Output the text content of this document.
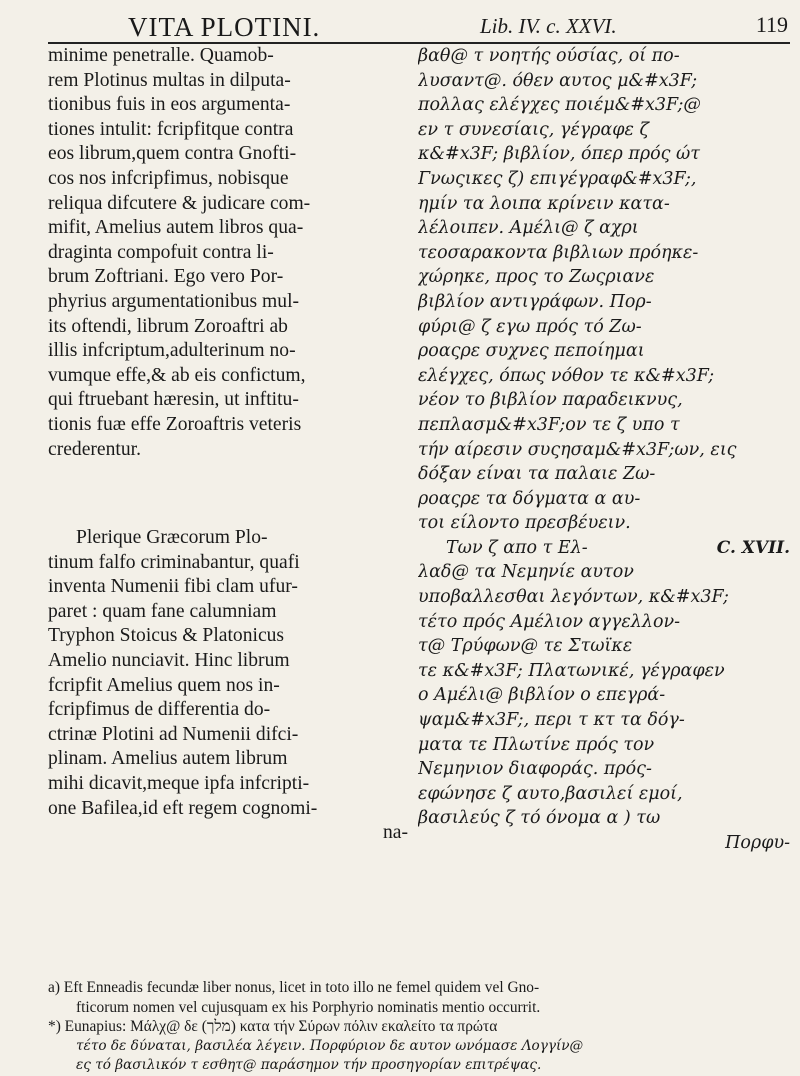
VITA PLOTINI.	Lib. IV. c. XXVI.	119
minime penetralle. Quamob-
rem Plotinus multas in dilputa-
tionibus fuis in eos argumenta-
tiones intulit: fcripfitque contra
eos librum,quem contra Gnofti-
cos nos infcripfimus, nobisque
reliqua difcutere & judicare com-
mifit, Amelius autem libros qua-
draginta compofuit contra li-
brum Zoftriani. Ego vero Por-
phyrius argumentationibus mul-
its oftendi, librum Zoroaftri ab
illis infcriptum,adulterinum no-
vumque effe,& ab eis confictum,
qui ftruebant hæresin, ut inftitu-
tionis fuæ effe Zoroaftris veteris
crederentur.
Plerique Græcorum Plo-
tinum falfo criminabantur, quafi
inventa Numenii fibi clam ufur-
paret : quam fane calumniam
Tryphon Stoicus & Platonicus
Amelio nunciavit. Hinc librum
fcripfit Amelius quem nos in-
fcripfimus de differentia do-
ctrinæ Plotini ad Numenii difci-
plinam. Amelius autem librum
mihi dicavit,meque ipfa infcripti-
one Bafilea,id eft regem cognomi-
na-
βαθ@ τ νοητής ούσίας, οί πο-
λυσαντ@. όθεν αυτος μ&#x3F;
πολλας ελέγχες ποιέμ&#x3F;@
εν τ συνεσίαις, γέγραφε ζ
κ&#x3F; βιβλίον, όπερ πρός ώτ
Γνωςικες ζ) επιγέγραφ&#x3F;,
ημίν τα λοιπα κρίνειν κατα-
λέλοιπεν. Αμέλι@ ζ αχρι
τεοσαρακοντα βιβλιων πρόηκε-
χώρηκε, προς το Ζωςριανε
βιβλίον αντιγράφων. Πορ-
φύρι@ ζ εγω πρός τό Ζω-
ροαςρε συχνες πεποίημαι
ελέγχες, όπως νόθον τε κ&#x3F;
νέον το βιβλίον παραδεικνυς,
πεπλασμ&#x3F;ον τε ζ υπο τ
τήν αίρεσιν συςησαμ&#x3F;ων, εις
δόξαν είναι τα παλαιε Ζω-
ροαςρε τα δόγματα α αυ-
τοι είλοντο πρεσβέυειν.
Των ζ απο τ Ελ-	C. XVII.
λαδ@ τα Νεμηνίε αυτον
υποβαλλεσθαι λεγόντων, κ&#x3F;
τέτο πρός Αμέλιον αγγελλον-
τ@ Τρύφων@ τε Στωϊκε
τε κ&#x3F; Πλατωνικέ, γέγραφεν
ο Αμέλι@ βιβλίον ο επεγρά-
ψαμ&#x3F;, περι τ κτ τα δόγ-
ματα τε Πλωτίνε πρός τον
Νεμηνιον διαφοράς. πρός-
εφώνησε ζ αυτο,βασιλεί εμοί,
βασιλεύς ζ τό όνομα α ) τω
Πορφυ-
a) Eft Enneadis fecundæ liber nonus, licet in toto illo ne femel quidem vel Gno-
fticorum nomen vel cujusquam ex his Porphyrio nominatis mentio occurrit.
*) Eunapius: Μάλχ@ δε (מלך) κατα τήν Σύρων πόλιν εκαλείτο τα πρώτα
τέτο δε δύναται, βασιλέα λέγειν. Πορφύριον δε αυτον ωνόμασε Λογγίν@
ες τό βασιλικόν τ εσθητ@ παράσημον τήν προσηγορίαν επιτρέψας.
